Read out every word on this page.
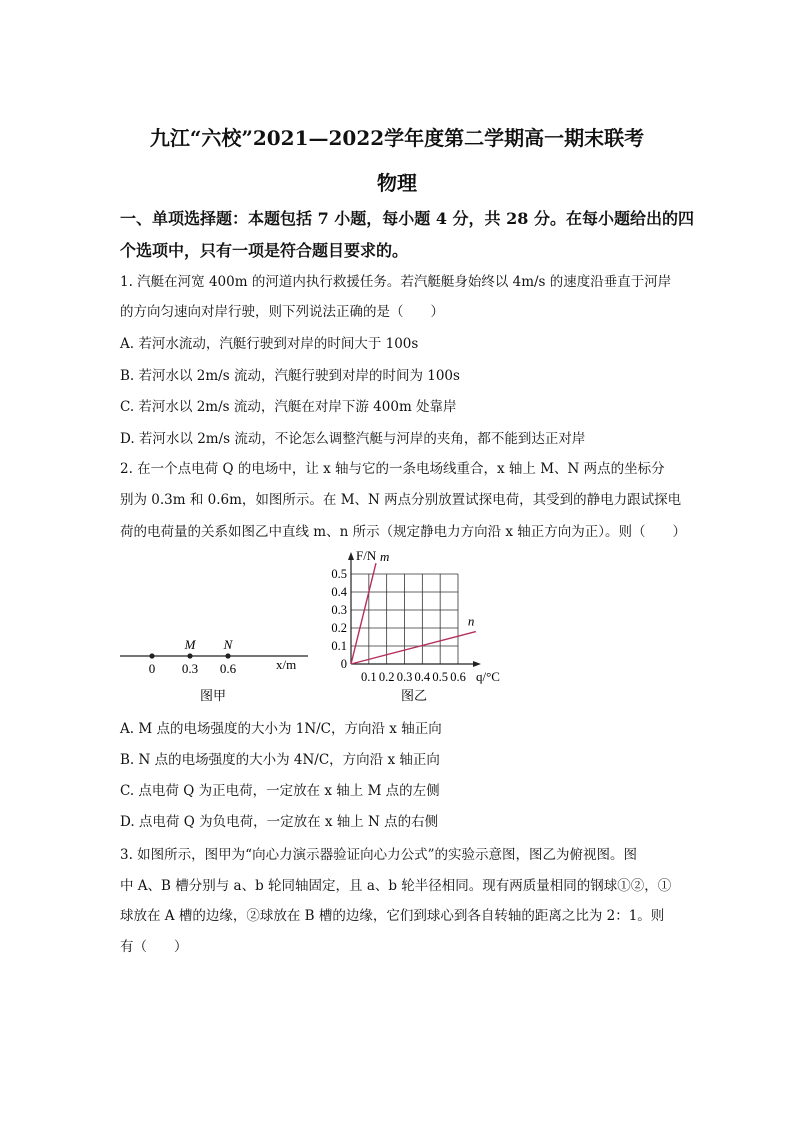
九江“六校”2021—2022学年度第二学期高一期末联考
物理
一、单项选择题：本题包括 7 小题，每小题 4 分，共 28 分。在每小题给出的四
个选项中，只有一项是符合题目要求的。
1. 汽艇在河宽 400m 的河道内执行救援任务。若汽艇艇身始终以 4m/s 的速度沿垂直于河岸
的方向匀速向对岸行驶，则下列说法正确的是（　　）
A. 若河水流动，汽艇行驶到对岸的时间大于 100s
B. 若河水以 2m/s 流动，汽艇行驶到对岸的时间为 100s
C. 若河水以 2m/s 流动，汽艇在对岸下游 400m 处靠岸
D. 若河水以 2m/s 流动，不论怎么调整汽艇与河岸的夹角，都不能到达正对岸
2. 在一个点电荷 Q 的电场中，让 x 轴与它的一条电场线重合，x 轴上 M、N 两点的坐标分
别为 0.3m 和 0.6m，如图所示。在 M、N 两点分别放置试探电荷，其受到的静电力跟试探电
荷的电荷量的关系如图乙中直线 m、n 所示（规定静电力方向沿 x 轴正方向为正）。则（　　）
M N
0 0.3 0.6	x/m
图甲
0.5
0.4
0.3
0.2
0.1
0
0.1 0.2 0.3 0.4 0.5 0.6
m
n
F/N
q/°C
图乙
A. M 点的电场强度的大小为 1N/C，方向沿 x 轴正向
B. N 点的电场强度的大小为 4N/C，方向沿 x 轴正向
C. 点电荷 Q 为正电荷，一定放在 x 轴上 M 点的左侧
D. 点电荷 Q 为负电荷，一定放在 x 轴上 N 点的右侧
3. 如图所示，图甲为“向心力演示器验证向心力公式”的实验示意图，图乙为俯视图。图
中 A、B 槽分别与 a、b 轮同轴固定，且 a、b 轮半径相同。现有两质量相同的钢球①②，①
球放在 A 槽的边缘，②球放在 B 槽的边缘，它们到球心到各自转轴的距离之比为 2：1。则
有（　　）
